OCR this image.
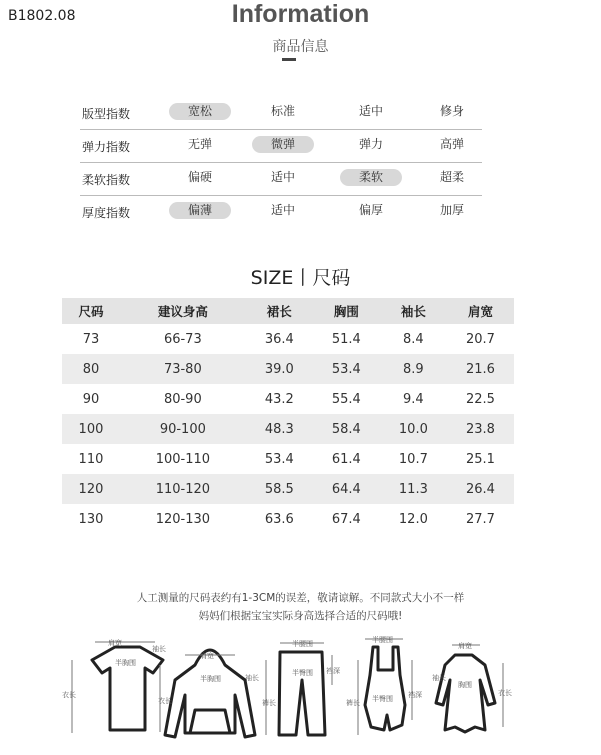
B1802.08	Information
商品信息
版型指数	宽松	标准	适中	修身
弹力指数	无弹	微弹	弹力	高弹
柔软指数	偏硬	适中	柔软	超柔
厚度指数	偏薄	适中	偏厚	加厚
SIZE丨尺码
尺码	建议身高	裙长	胸围	袖长	肩宽
73	66-73	36.4	51.4	8.4	20.7
80	73-80	39.0	53.4	8.9	21.6
90	80-90	43.2	55.4	9.4	22.5
100	90-100	48.3	58.4	10.0	23.8
110	100-110	53.4	61.4	10.7	25.1
120	110-120	58.5	64.4	11.3	26.4
130	120-130	63.6	67.4	12.0	27.7
人工测量的尺码表约有1-3CM的误差，敬请谅解。不同款式大小不一样
妈妈们根据宝宝实际身高选择合适的尺码哦!
肩宽
袖长
半胸围
衣长
肩宽
半胸围
衣长
袖长
半腰围
半臀围 裆深
裤长
半腰围
半臀围 裆深
裤长
肩宽
袖长
胸围
衣长
